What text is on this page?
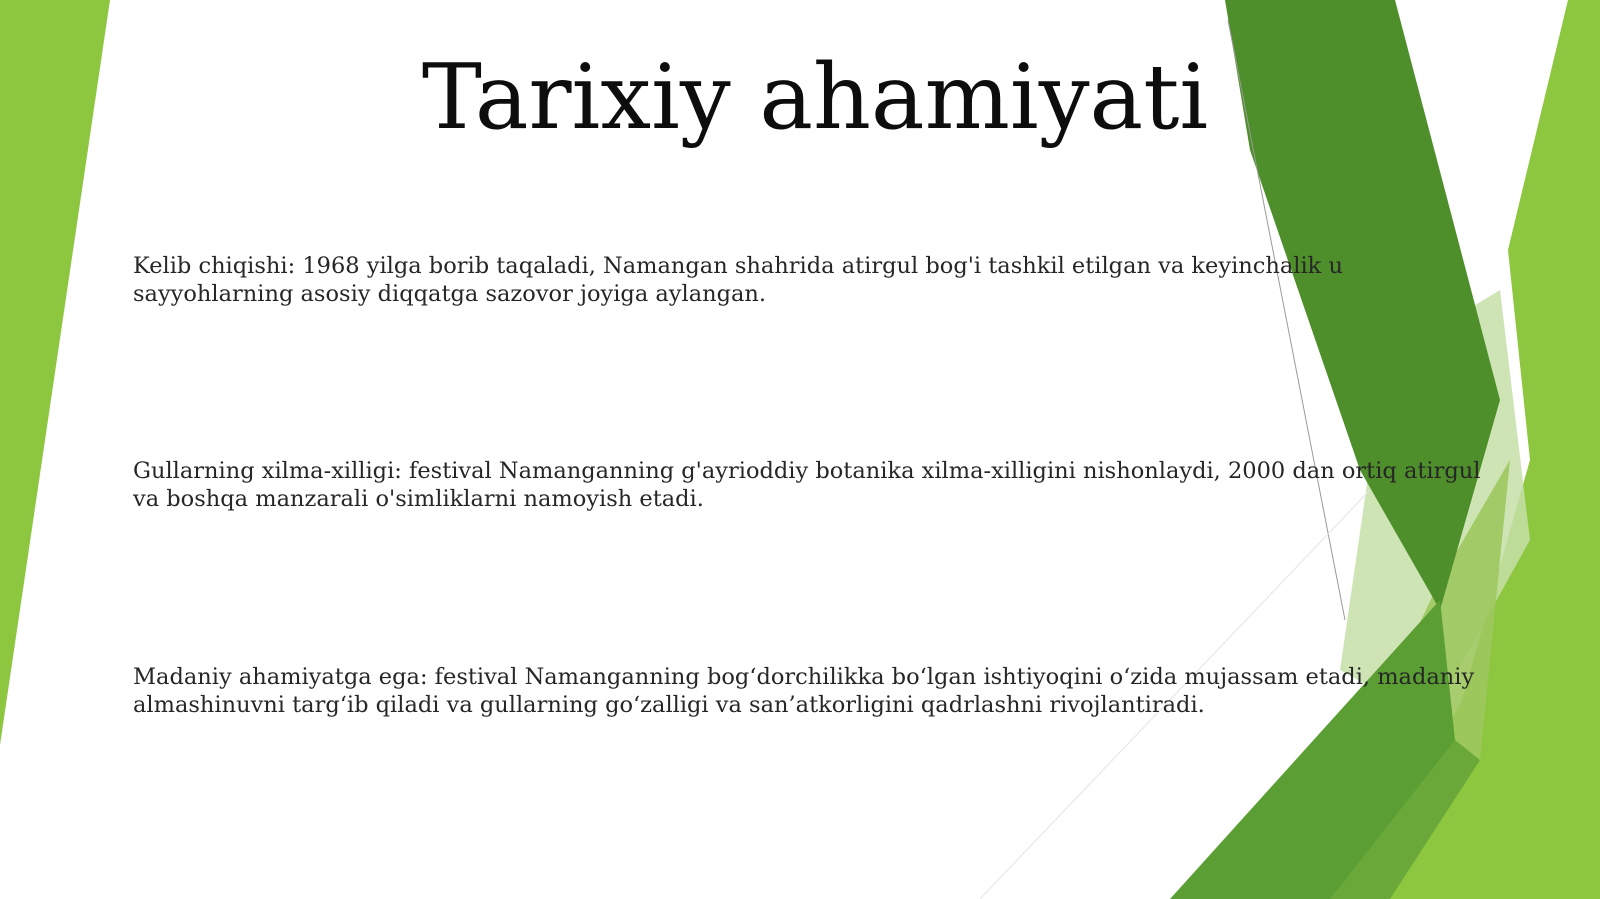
Tarixiy ahamiyati
Kelib chiqishi: 1968 yilga borib taqaladi, Namangan shahrida atirgul bog'i tashkil etilgan va keyinchalik u sayyohlarning asosiy diqqatga sazovor joyiga aylangan.
Gullarning xilma-xilligi: festival Namanganning g'ayrioddiy botanika xilma-xilligini nishonlaydi, 2000 dan ortiq atirgul va boshqa manzarali o'simliklarni namoyish etadi.
Madaniy ahamiyatga ega: festival Namanganning bog‘dorchilikka bo‘lgan ishtiyoqini o‘zida mujassam etadi, madaniy almashinuvni targ‘ib qiladi va gullarning go‘zalligi va san’atkorligini qadrlashni rivojlantiradi.
